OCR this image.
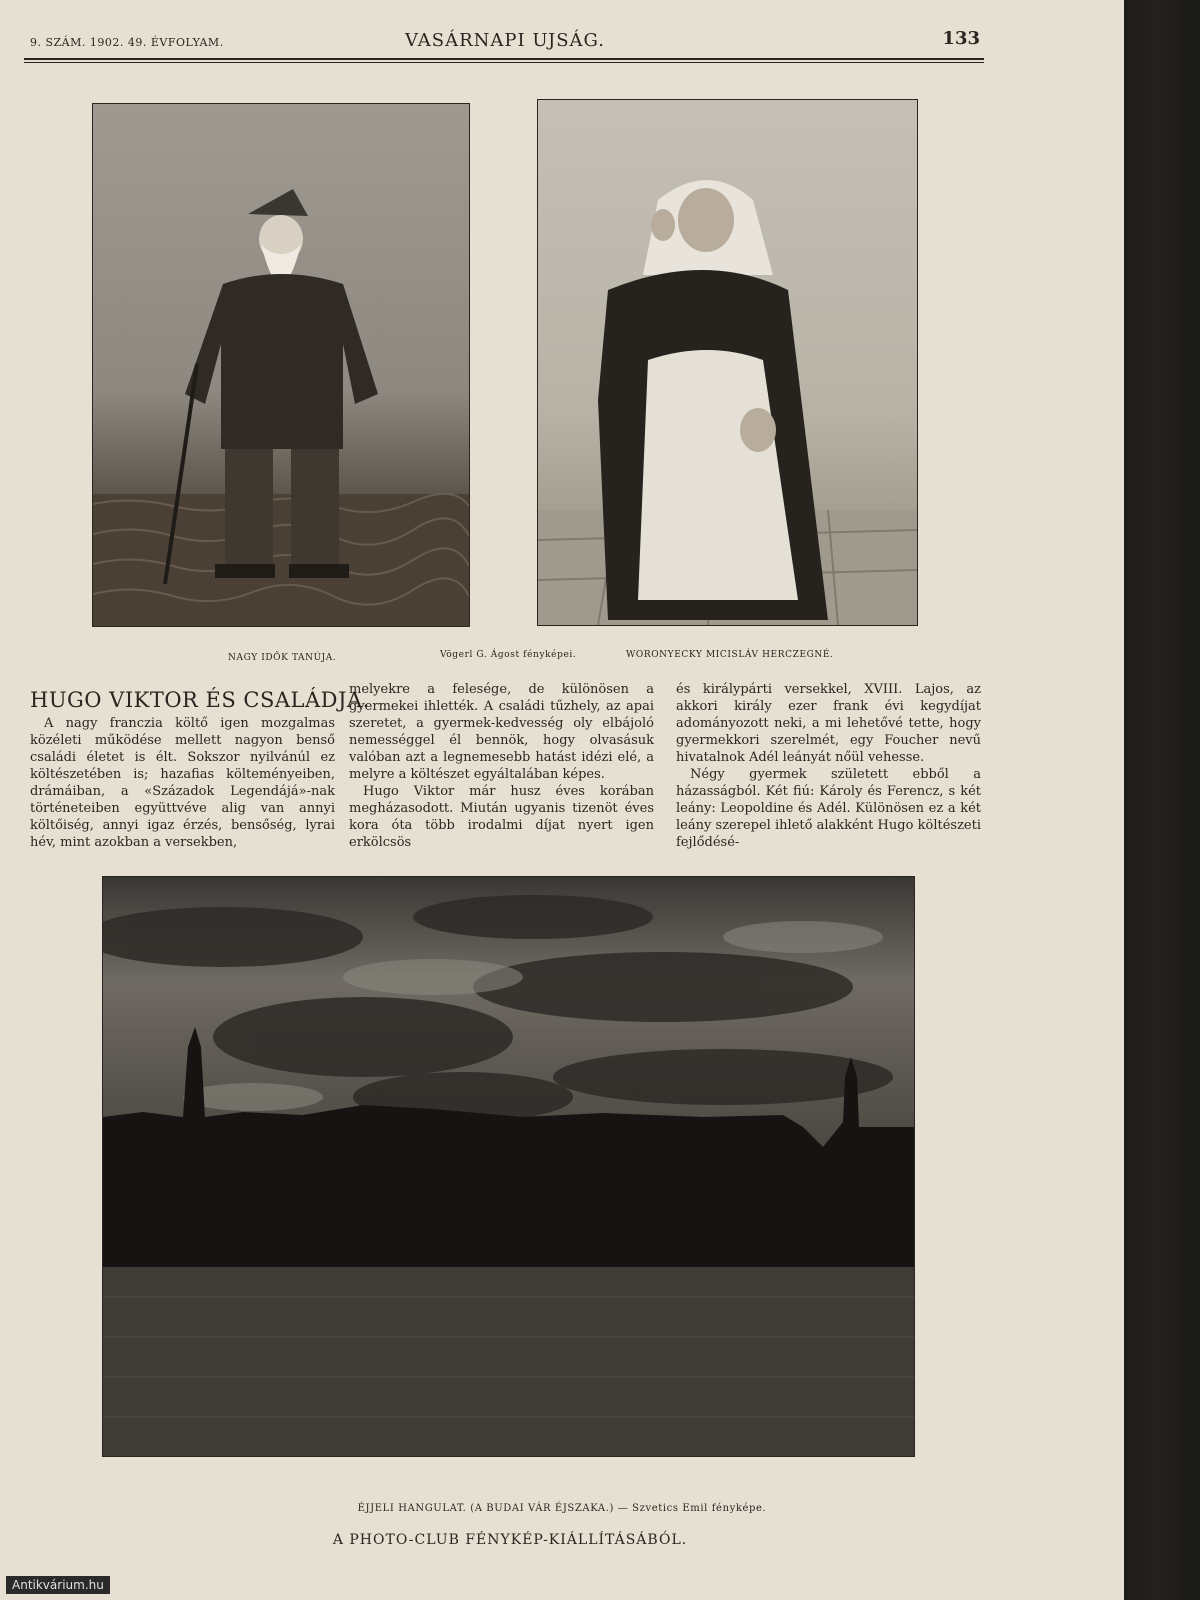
9. SZÁM. 1902. 49. ÉVFOLYAM.	VASÁRNAPI UJSÁG.	133
NAGY IDŐK TANÚJA.	Vögerl G. Ágost fényképei.	WORONYECKY MICISLÁV HERCZEGNÉ.
HUGO VIKTOR ÉS CSALÁDJA.

A nagy franczia költő igen mozgalmas közéleti működése mellett nagyon benső családi életet is élt. Sokszor nyilvánúl ez költészetében is; hazafias költeményeiben, drámáiban, a «Századok Legendájá»-nak történeteiben együttvéve alig van annyi költőiség, annyi igaz érzés, bensőség, lyrai hév, mint azokban a versekben,

melyekre a felesége, de különösen a gyermekei ihlették. A családi tűzhely, az apai szeretet, a gyermek-kedvesség oly elbájoló nemességgel él bennök, hogy olvasásuk valóban azt a legnemesebb hatást idézi elé, a melyre a költészet egyáltalában képes.

Hugo Viktor már husz éves korában megházasodott. Miután ugyanis tizenöt éves kora óta több irodalmi díjat nyert igen erkölcsös

és királypárti versekkel, XVIII. Lajos, az akkori király ezer frank évi kegydíjat adományozott neki, a mi lehetővé tette, hogy gyermekkori szerelmét, egy Foucher nevű hivatalnok Adél leányát nőül vehesse.

Négy gyermek született ebből a házasságból. Két fiú: Károly és Ferencz, s két leány: Leopoldine és Adél. Különösen ez a két leány szerepel ihlető alakként Hugo költészeti fejlődésé-

ÉJJELI HANGULAT. (A BUDAI VÁR ÉJSZAKA.) — Szvetics Emil fényképe.
A PHOTO-CLUB FÉNYKÉP-KIÁLLÍTÁSÁBÓL.
Antikvárium.hu
